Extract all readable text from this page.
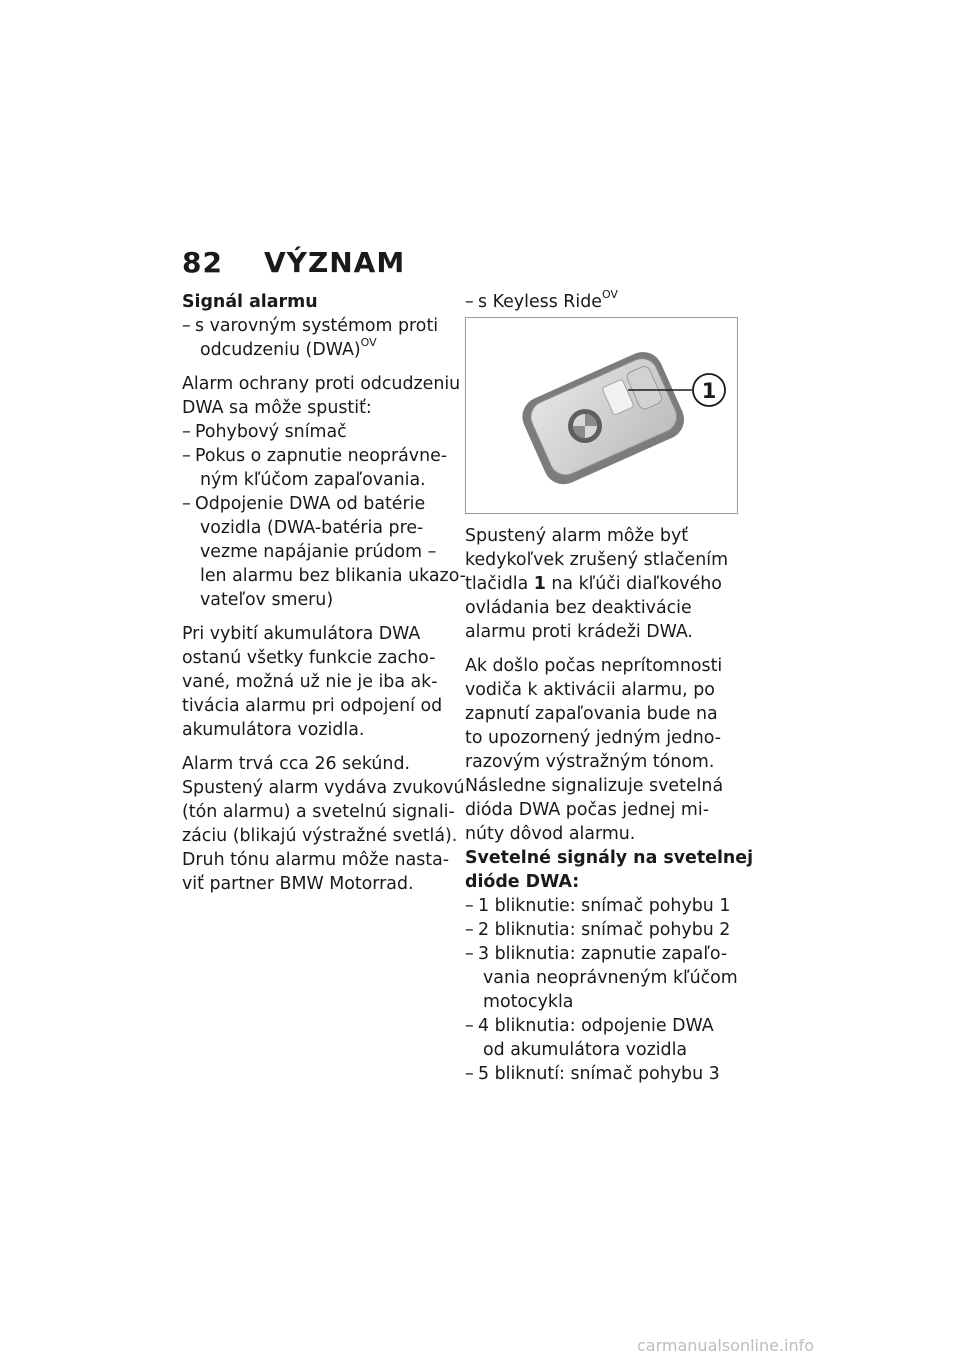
82 VÝZNAM
Signál alarmu
– s varovným systémom proti
odcudzeniu (DWA)$^{OV}$
Alarm ochrany proti odcudzeniu
DWA sa môže spustiť:
– Pohybový snímač
– Pokus o zapnutie neoprávne-
ným kľúčom zapaľovania.
– Odpojenie DWA od batérie
vozidla (DWA-batéria pre-
vezme napájanie prúdom –
len alarmu bez blikania ukazo-
vateľov smeru)
Pri vybití akumulátora DWA
ostanú všetky funkcie zacho-
vané, možná už nie je iba ak-
tivácia alarmu pri odpojení od
akumulátora vozidla.
Alarm trvá cca 26 sekúnd.
Spustený alarm vydáva zvukovú
(tón alarmu) a svetelnú signali-
záciu (blikajú výstražné svetlá).
Druh tónu alarmu môže nasta-
viť partner BMW Motorrad.
– s Keyless Ride$^{OV}$
1
Spustený alarm môže byť
kedykoľvek zrušený stlačením
tlačidla 1 na kľúči diaľkového
ovládania bez deaktivácie
alarmu proti krádeži DWA.
Ak došlo počas neprítomnosti
vodiča k aktivácii alarmu, po
zapnutí zapaľovania bude na
to upozornený jedným jedno-
razovým výstražným tónom.
Následne signalizuje svetelná
dióda DWA počas jednej mi-
núty dôvod alarmu.
Svetelné signály na svetelnej
dióde DWA:
– 1 bliknutie: snímač pohybu 1
– 2 bliknutia: snímač pohybu 2
– 3 bliknutia: zapnutie zapaľo-
vania neoprávneným kľúčom
motocykla
– 4 bliknutia: odpojenie DWA
od akumulátora vozidla
– 5 bliknutí: snímač pohybu 3
carmanualsonline.info
